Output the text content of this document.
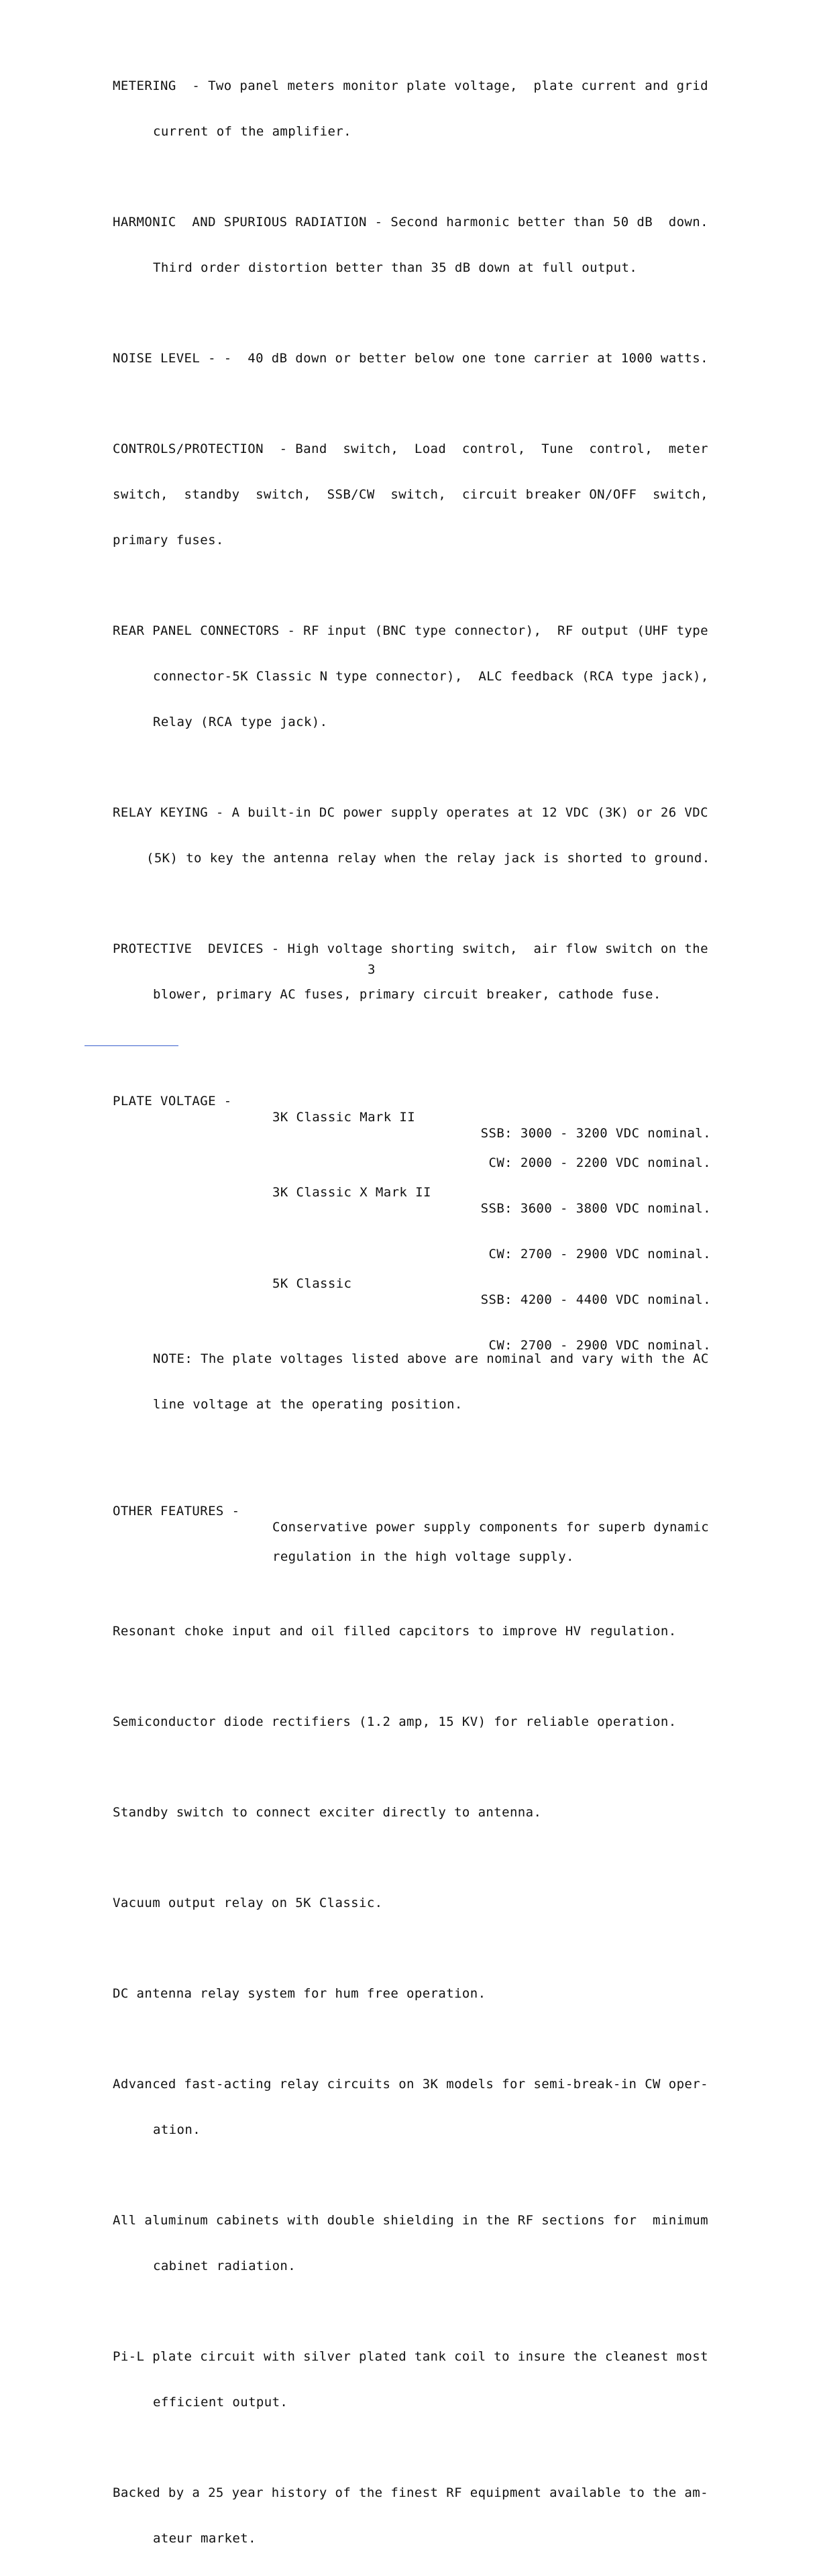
METERING  - Two panel meters monitor plate voltage,  plate current and grid

current of the amplifier.

HARMONIC  AND SPURIOUS RADIATION - Second harmonic better than 50 dB  down.

Third order distortion better than 35 dB down at full output.

NOISE LEVEL - -  40 dB down or better below one tone carrier at 1000 watts.

CONTROLS/PROTECTION  - Band  switch,  Load  control,  Tune  control,  meter

switch,  standby  switch,  SSB/CW  switch,  circuit breaker ON/OFF  switch,

primary fuses.

REAR PANEL CONNECTORS - RF input (BNC type connector),  RF output (UHF type

connector-5K Classic N type connector),  ALC feedback (RCA type jack),

Relay (RCA type jack).

RELAY KEYING - A built-in DC power supply operates at 12 VDC (3K) or 26 VDC

(5K) to key the antenna relay when the relay jack is shorted to ground.

PROTECTIVE  DEVICES - High voltage shorting switch,  air flow switch on the

blower, primary AC fuses, primary circuit breaker, cathode fuse.

PLATE VOLTAGE -

3K Classic Mark II

SSB: 3000 - 3200 VDC nominal.

CW: 2000 - 2200 VDC nominal.

3K Classic X Mark II

SSB: 3600 - 3800 VDC nominal.

CW: 2700 - 2900 VDC nominal.

5K Classic

SSB: 4200 - 4400 VDC nominal.

CW: 2700 - 2900 VDC nominal.

NOTE: The plate voltages listed above are nominal and vary with the AC

line voltage at the operating position.

OTHER FEATURES -

Conservative power supply components for superb dynamic

regulation in the high voltage supply.

Resonant choke input and oil filled capcitors to improve HV regulation.

Semiconductor diode rectifiers (1.2 amp, 15 KV) for reliable operation.

Standby switch to connect exciter directly to antenna.

Vacuum output relay on 5K Classic.

DC antenna relay system for hum free operation.

Advanced fast-acting relay circuits on 3K models for semi-break-in CW oper-

ation.

All aluminum cabinets with double shielding in the RF sections for  minimum

cabinet radiation.

Pi-L plate circuit with silver plated tank coil to insure the cleanest most

efficient output.

Backed by a 25 year history of the finest RF equipment available to the am-

ateur market.

3
